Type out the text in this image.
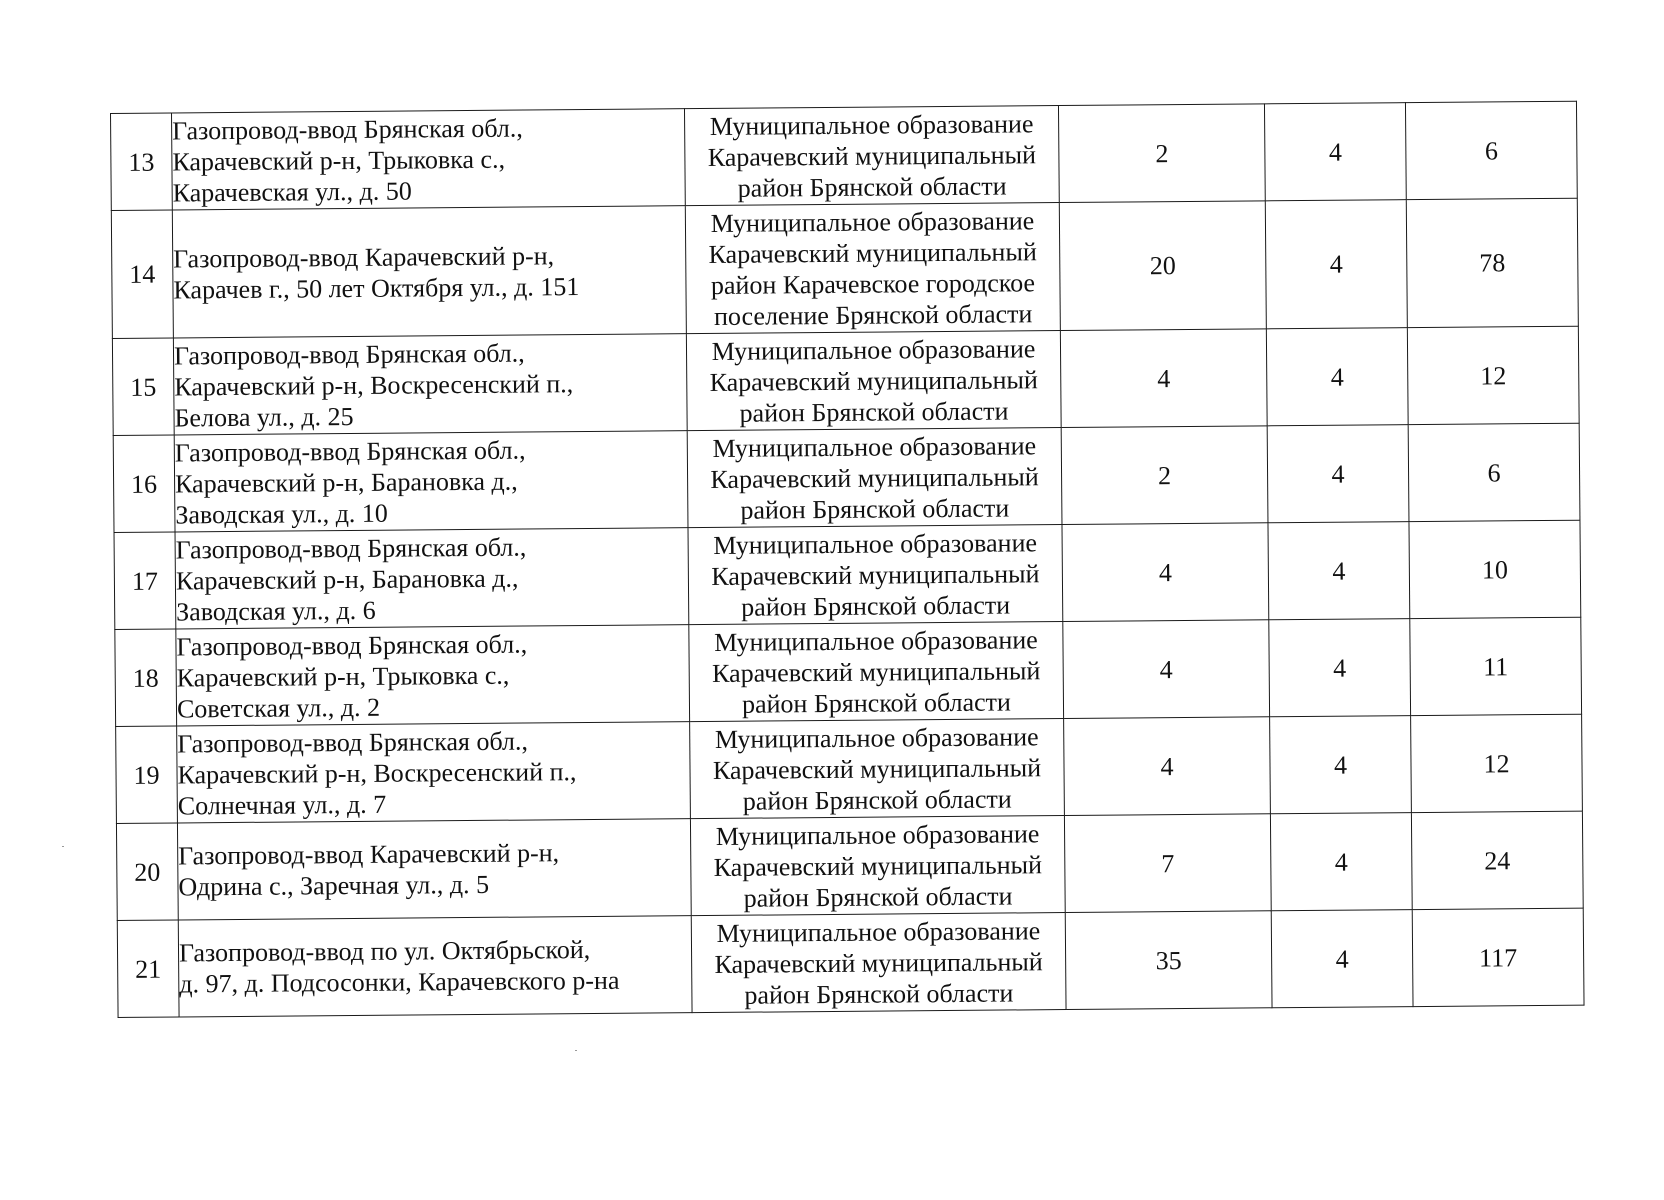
13	Газопровод-ввод Брянская обл.,
Карачевский р-н, Трыковка с.,
Карачевская ул., д. 50	Муниципальное образование
Карачевский муниципальный
район Брянской области	2	4	6
14	Газопровод-ввод Карачевский р-н,
Карачев г., 50 лет Октября ул., д. 151	Муниципальное образование
Карачевский муниципальный
район Карачевское городское
поселение Брянской области	20	4	78
15	Газопровод-ввод Брянская обл.,
Карачевский р-н, Воскресенский п.,
Белова ул., д. 25	Муниципальное образование
Карачевский муниципальный
район Брянской области	4	4	12
16	Газопровод-ввод Брянская обл.,
Карачевский р-н, Барановка д.,
Заводская ул., д. 10	Муниципальное образование
Карачевский муниципальный
район Брянской области	2	4	6
17	Газопровод-ввод Брянская обл.,
Карачевский р-н, Барановка д.,
Заводская ул., д. 6	Муниципальное образование
Карачевский муниципальный
район Брянской области	4	4	10
18	Газопровод-ввод Брянская обл.,
Карачевский р-н, Трыковка с.,
Советская ул., д. 2	Муниципальное образование
Карачевский муниципальный
район Брянской области	4	4	11
19	Газопровод-ввод Брянская обл.,
Карачевский р-н, Воскресенский п.,
Солнечная ул., д. 7	Муниципальное образование
Карачевский муниципальный
район Брянской области	4	4	12
20	Газопровод-ввод Карачевский р-н,
Одрина с., Заречная ул., д. 5	Муниципальное образование
Карачевский муниципальный
район Брянской области	7	4	24
21	Газопровод-ввод по ул. Октябрьской,
д. 97, д. Подсосонки, Карачевского р-на	Муниципальное образование
Карачевский муниципальный
район Брянской области	35	4	117
